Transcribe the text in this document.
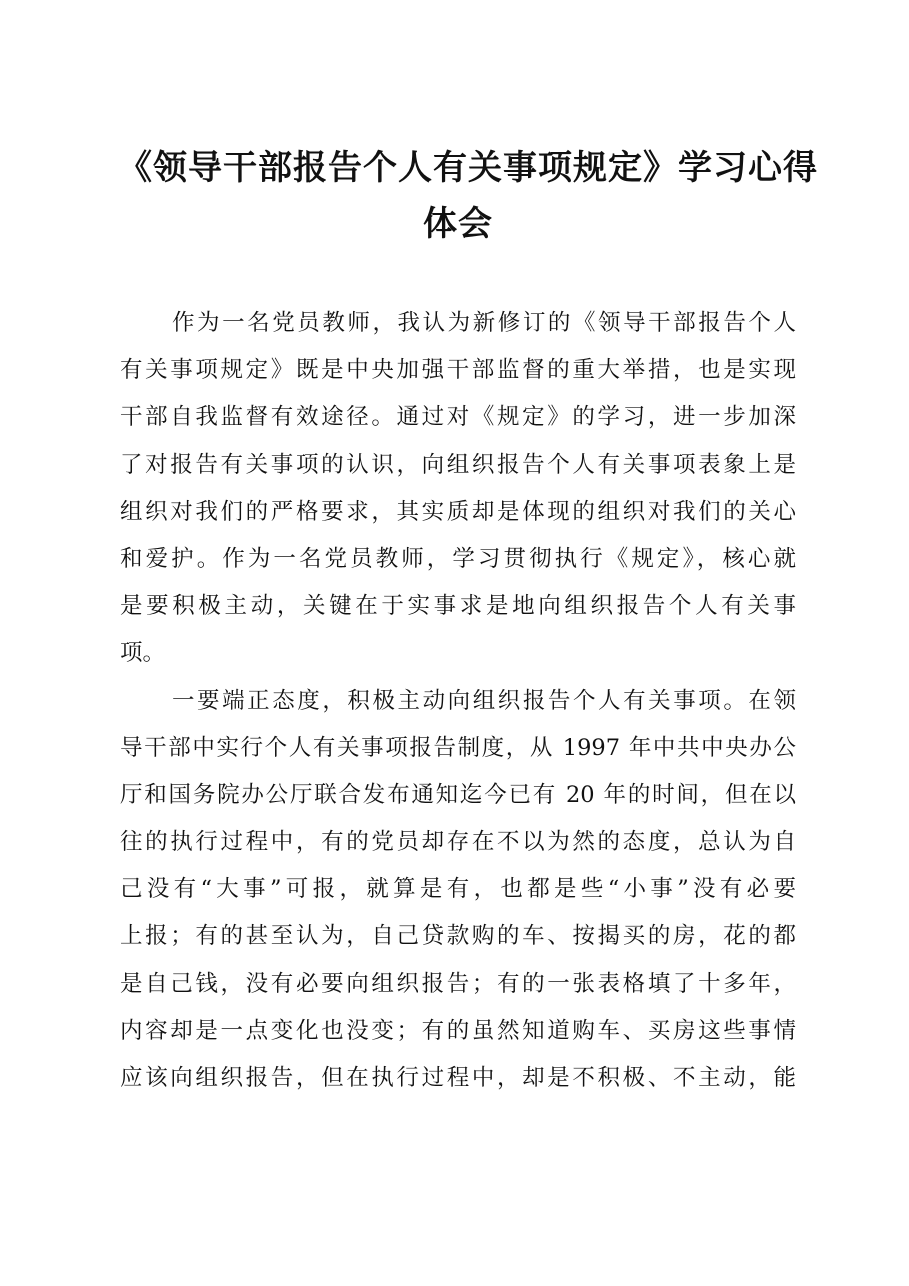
《领导干部报告个人有关事项规定》学习心得
体会

作为一名党员教师，我认为新修订的《领导干部报告个人
有关事项规定》既是中央加强干部监督的重大举措，也是实现
干部自我监督有效途径。通过对《规定》的学习，进一步加深
了对报告有关事项的认识，向组织报告个人有关事项表象上是
组织对我们的严格要求，其实质却是体现的组织对我们的关心
和爱护。作为一名党员教师，学习贯彻执行《规定》，核心就
是要积极主动，关键在于实事求是地向组织报告个人有关事
项。

一要端正态度，积极主动向组织报告个人有关事项。在领
导干部中实行个人有关事项报告制度，从 1997 年中共中央办公
厅和国务院办公厅联合发布通知迄今已有 20 年的时间，但在以
往的执行过程中，有的党员却存在不以为然的态度，总认为自
己没有“大事”可报，就算是有，也都是些“小事”没有必要
上报；有的甚至认为，自己贷款购的车、按揭买的房，花的都
是自己钱，没有必要向组织报告；有的一张表格填了十多年，
内容却是一点变化也没变；有的虽然知道购车、买房这些事情
应该向组织报告，但在执行过程中，却是不积极、不主动，能
